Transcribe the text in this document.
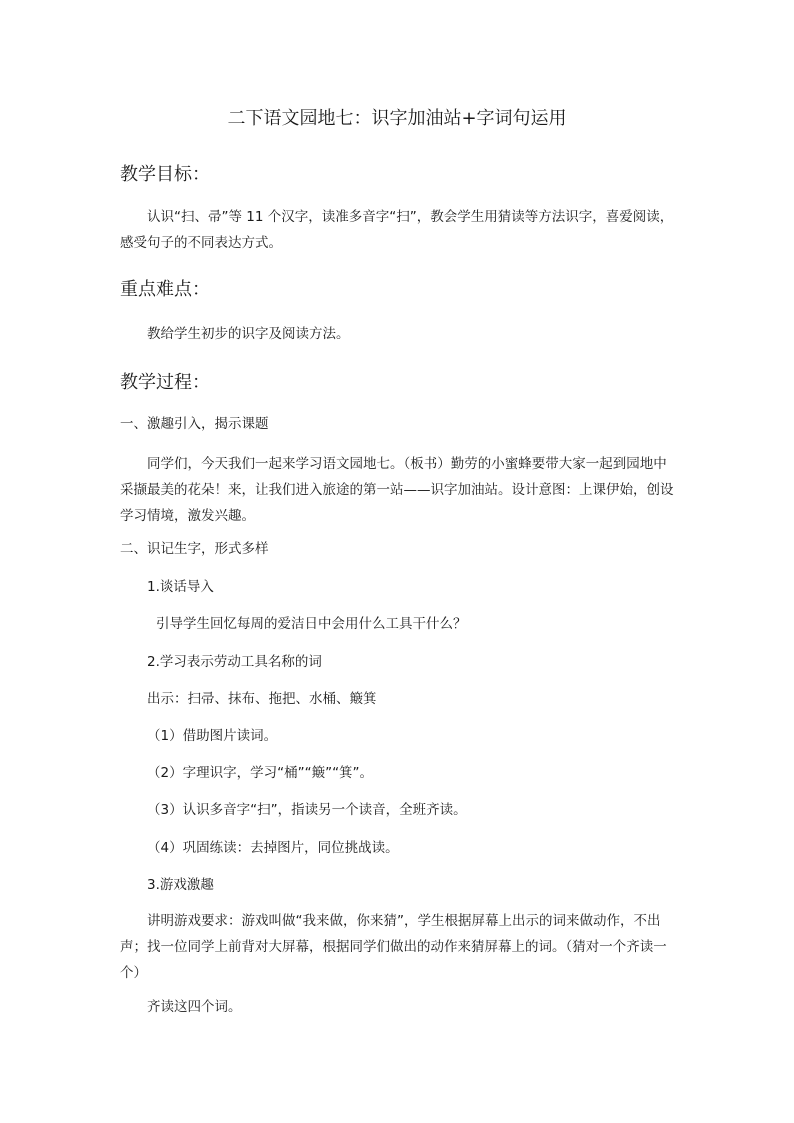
二下语文园地七：识字加油站+字词句运用
教学目标：
认识“扫、帚”等 11 个汉字，读准多音字“扫”，教会学生用猜读等方法识字，喜爱阅读，感受句子的不同表达方式。
重点难点：
教给学生初步的识字及阅读方法。
教学过程：
一、激趣引入，揭示课题
同学们，今天我们一起来学习语文园地七。（板书）勤劳的小蜜蜂要带大家一起到园地中采撷最美的花朵！来，让我们进入旅途的第一站——识字加油站。设计意图：上课伊始，创设学习情境，激发兴趣。
二、识记生字，形式多样
1.谈话导入
引导学生回忆每周的爱洁日中会用什么工具干什么？
2.学习表示劳动工具名称的词
出示：扫帚、抹布、拖把、水桶、簸箕
（1）借助图片读词。
（2）字理识字，学习“桶”“簸”“箕”。
（3）认识多音字“扫”，指读另一个读音，全班齐读。
（4）巩固练读：去掉图片，同位挑战读。
3.游戏激趣
讲明游戏要求：游戏叫做“我来做，你来猜”，学生根据屏幕上出示的词来做动作，不出声；找一位同学上前背对大屏幕，根据同学们做出的动作来猜屏幕上的词。（猜对一个齐读一个）
齐读这四个词。
